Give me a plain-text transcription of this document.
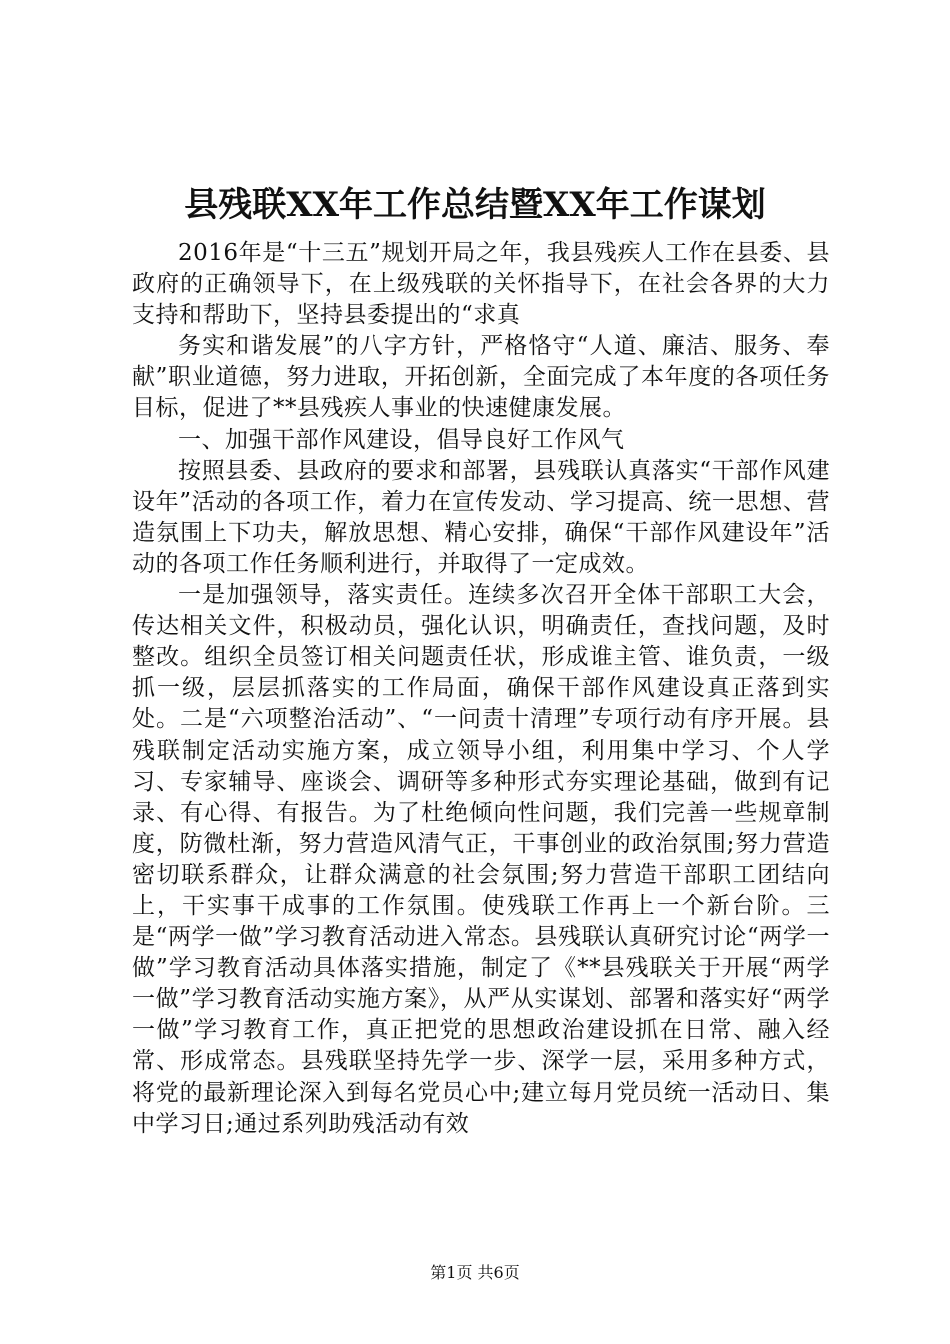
县残联XX年工作总结暨XX年工作谋划

2016年是“十三五”规划开局之年，我县残疾人工作在县委、县政府的正确领导下，在上级残联的关怀指导下，在社会各界的大力支持和帮助下，坚持县委提出的“求真

务实和谐发展”的八字方针，严格恪守“人道、廉洁、服务、奉献”职业道德，努力进取，开拓创新，全面完成了本年度的各项任务目标，促进了**县残疾人事业的快速健康发展。

一、加强干部作风建设，倡导良好工作风气

按照县委、县政府的要求和部署，县残联认真落实“干部作风建设年”活动的各项工作，着力在宣传发动、学习提高、统一思想、营造氛围上下功夫，解放思想、精心安排，确保“干部作风建设年”活动的各项工作任务顺利进行，并取得了一定成效。

一是加强领导，落实责任。连续多次召开全体干部职工大会，传达相关文件，积极动员，强化认识，明确责任，查找问题，及时整改。组织全员签订相关问题责任状，形成谁主管、谁负责，一级抓一级，层层抓落实的工作局面，确保干部作风建设真正落到实处。二是“六项整治活动”、“一问责十清理”专项行动有序开展。县残联制定活动实施方案，成立领导小组，利用集中学习、个人学习、专家辅导、座谈会、调研等多种形式夯实理论基础，做到有记录、有心得、有报告。为了杜绝倾向性问题，我们完善一些规章制度，防微杜渐，努力营造风清气正，干事创业的政治氛围;努力营造密切联系群众，让群众满意的社会氛围;努力营造干部职工团结向上，干实事干成事的工作氛围。使残联工作再上一个新台阶。三是“两学一做”学习教育活动进入常态。县残联认真研究讨论“两学一做”学习教育活动具体落实措施，制定了《**县残联关于开展“两学一做”学习教育活动实施方案》，从严从实谋划、部署和落实好“两学一做”学习教育工作，真正把党的思想政治建设抓在日常、融入经常、形成常态。县残联坚持先学一步、深学一层，采用多种方式，将党的最新理论深入到每名党员心中;建立每月党员统一活动日、集中学习日;通过系列助残活动有效

第1页 共6页
